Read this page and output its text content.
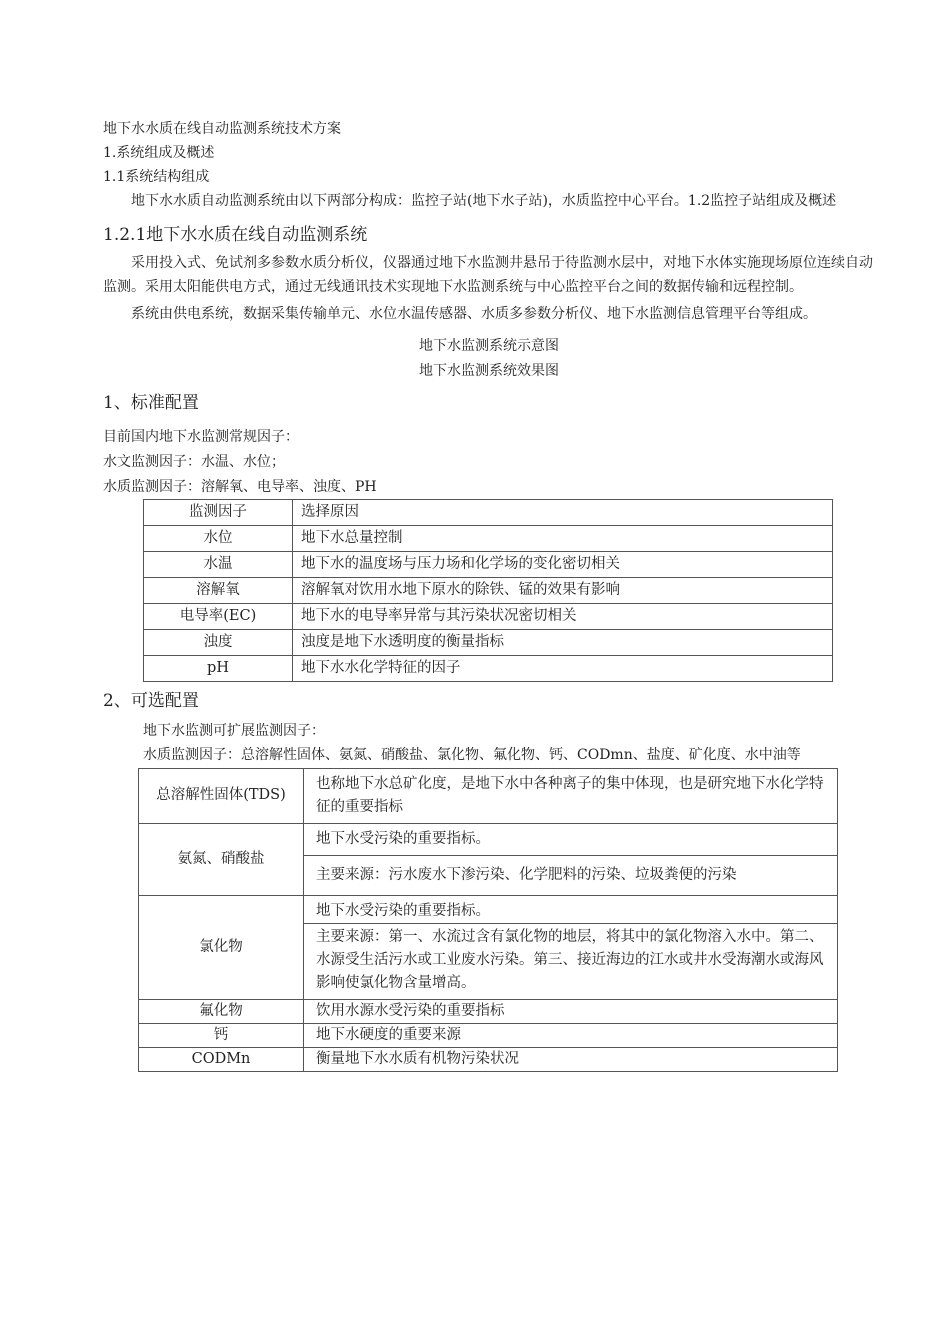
地下水水质在线自动监测系统技术方案
1.系统组成及概述
1.1系统结构组成

地下水水质自动监测系统由以下两部分构成：监控子站(地下水子站)，水质监控中心平台。1.2监控子站组成及概述

1.2.1地下水水质在线自动监测系统

采用投入式、免试剂多参数水质分析仪，仪器通过地下水监测井悬吊于待监测水层中，对地下水体实施现场原位连续自动监测。采用太阳能供电方式，通过无线通讯技术实现地下水监测系统与中心监控平台之间的数据传输和远程控制。

系统由供电系统，数据采集传输单元、水位水温传感器、水质多参数分析仪、地下水监测信息管理平台等组成。

地下水监测系统示意图
地下水监测系统效果图
1、标准配置
目前国内地下水监测常规因子：
水文监测因子：水温、水位；
水质监测因子：溶解氧、电导率、浊度、PH
监测因子	选择原因
水位	地下水总量控制
水温	地下水的温度场与压力场和化学场的变化密切相关
溶解氧	溶解氧对饮用水地下原水的除铁、锰的效果有影响
电导率(EC)	地下水的电导率异常与其污染状况密切相关
浊度	浊度是地下水透明度的衡量指标
pH	地下水水化学特征的因子
2、可选配置
地下水监测可扩展监测因子：

水质监测因子：总溶解性固体、氨氮、硝酸盐、氯化物、氟化物、钙、CODmn、盐度、矿化度、水中油等

总溶解性固体(TDS)	也称地下水总矿化度，是地下水中各种离子的集中体现，也是研究地下水化学特征的重要指标
氨氮、硝酸盐	地下水受污染的重要指标。
	主要来源：污水废水下渗污染、化学肥料的污染、垃圾粪便的污染
氯化物	地下水受污染的重要指标。
	主要来源：第一、水流过含有氯化物的地层，将其中的氯化物溶入水中。第二、水源受生活污水或工业废水污染。第三、接近海边的江水或井水受海潮水或海风影响使氯化物含量增高。
氟化物	饮用水源水受污染的重要指标
钙	地下水硬度的重要来源
CODMn	衡量地下水水质有机物污染状况
